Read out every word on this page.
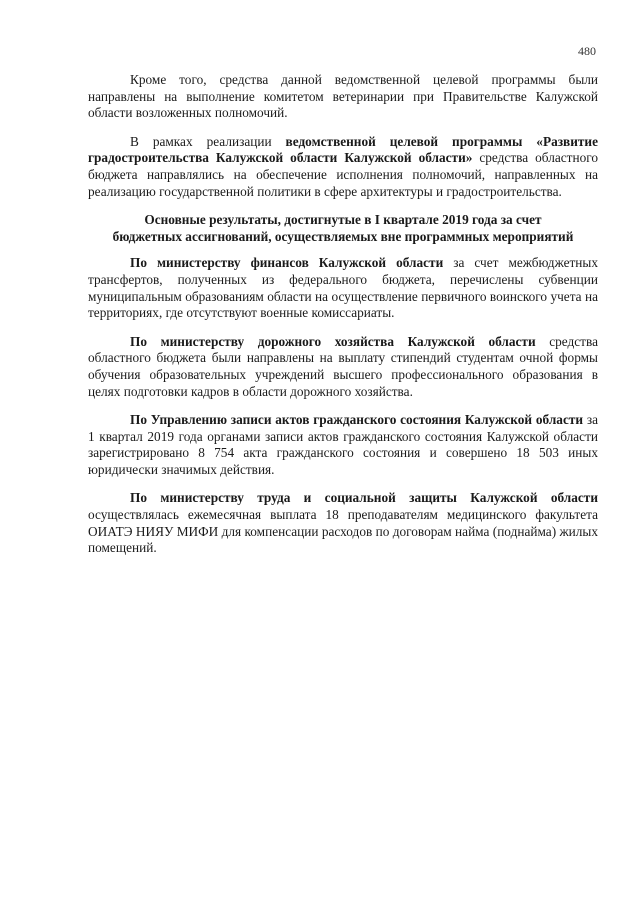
480

Кроме того, средства данной ведомственной целевой программы были направлены на выполнение комитетом ветеринарии при Правительстве Калужской области возложенных полномочий.

В рамках реализации ведомственной целевой программы «Развитие градостроительства Калужской области Калужской области» средства областного бюджета направлялись на обеспечение исполнения полномочий, направленных на реализацию государственной политики в сфере архитектуры и градостроительства.

Основные результаты, достигнутые в I квартале 2019 года за счет
бюджетных ассигнований, осуществляемых вне программных мероприятий

По министерству финансов Калужской области за счет межбюджетных трансфертов, полученных из федерального бюджета, перечислены субвенции муниципальным образованиям области на осуществление первичного воинского учета на территориях, где отсутствуют военные комиссариаты.

По министерству дорожного хозяйства Калужской области средства областного бюджета были направлены на выплату стипендий студентам очной формы обучения образовательных учреждений высшего профессионального образования в целях подготовки кадров в области дорожного хозяйства.

По Управлению записи актов гражданского состояния Калужской области за 1 квартал 2019 года органами записи актов гражданского состояния Калужской области зарегистрировано 8 754 акта гражданского состояния и совершено 18 503 иных юридически значимых действия.

По министерству труда и социальной защиты Калужской области осуществлялась ежемесячная выплата 18 преподавателям медицинского факультета ОИАТЭ НИЯУ МИФИ для компенсации расходов по договорам найма (поднайма) жилых помещений.
